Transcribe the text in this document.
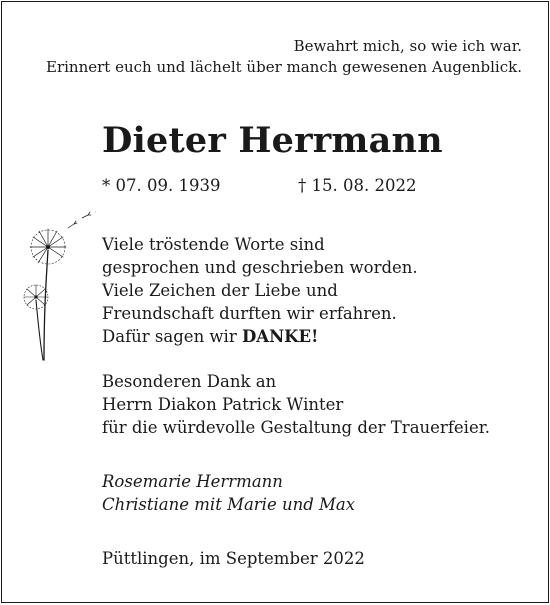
Bewahrt mich, so wie ich war.
Erinnert euch und lächelt über manch gewesenen Augenblick.
Dieter Herrmann
* 07. 09. 1939	† 15. 08. 2022
Viele tröstende Worte sind
gesprochen und geschrieben worden.
Viele Zeichen der Liebe und
Freundschaft durften wir erfahren.
Dafür sagen wir DANKE!
Besonderen Dank an
Herrn Diakon Patrick Winter
für die würdevolle Gestaltung der Trauerfeier.
Rosemarie Herrmann
Christiane mit Marie und Max
Püttlingen, im September 2022
